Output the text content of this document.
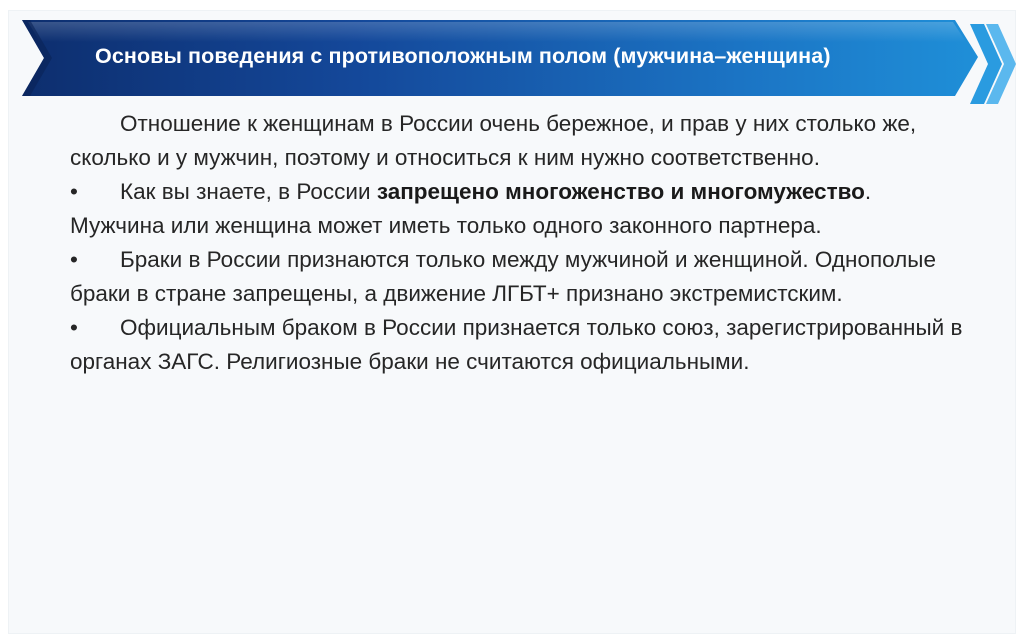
Основы поведения с противоположным полом (мужчина–женщина)

Отношение к женщинам в России очень бережное, и прав у них столько же, сколько и у мужчин, поэтому и относиться к ним нужно соответственно.

• Как вы знаете, в России запрещено многоженство и многомужество. Мужчина или женщина может иметь только одного законного партнера.

• Браки в России признаются только между мужчиной и женщиной. Однополые браки в стране запрещены, а движение ЛГБТ+ признано экстремистским.

• Официальным браком в России признается только союз, зарегистрированный в органах ЗАГС. Религиозные браки не считаются официальными.
